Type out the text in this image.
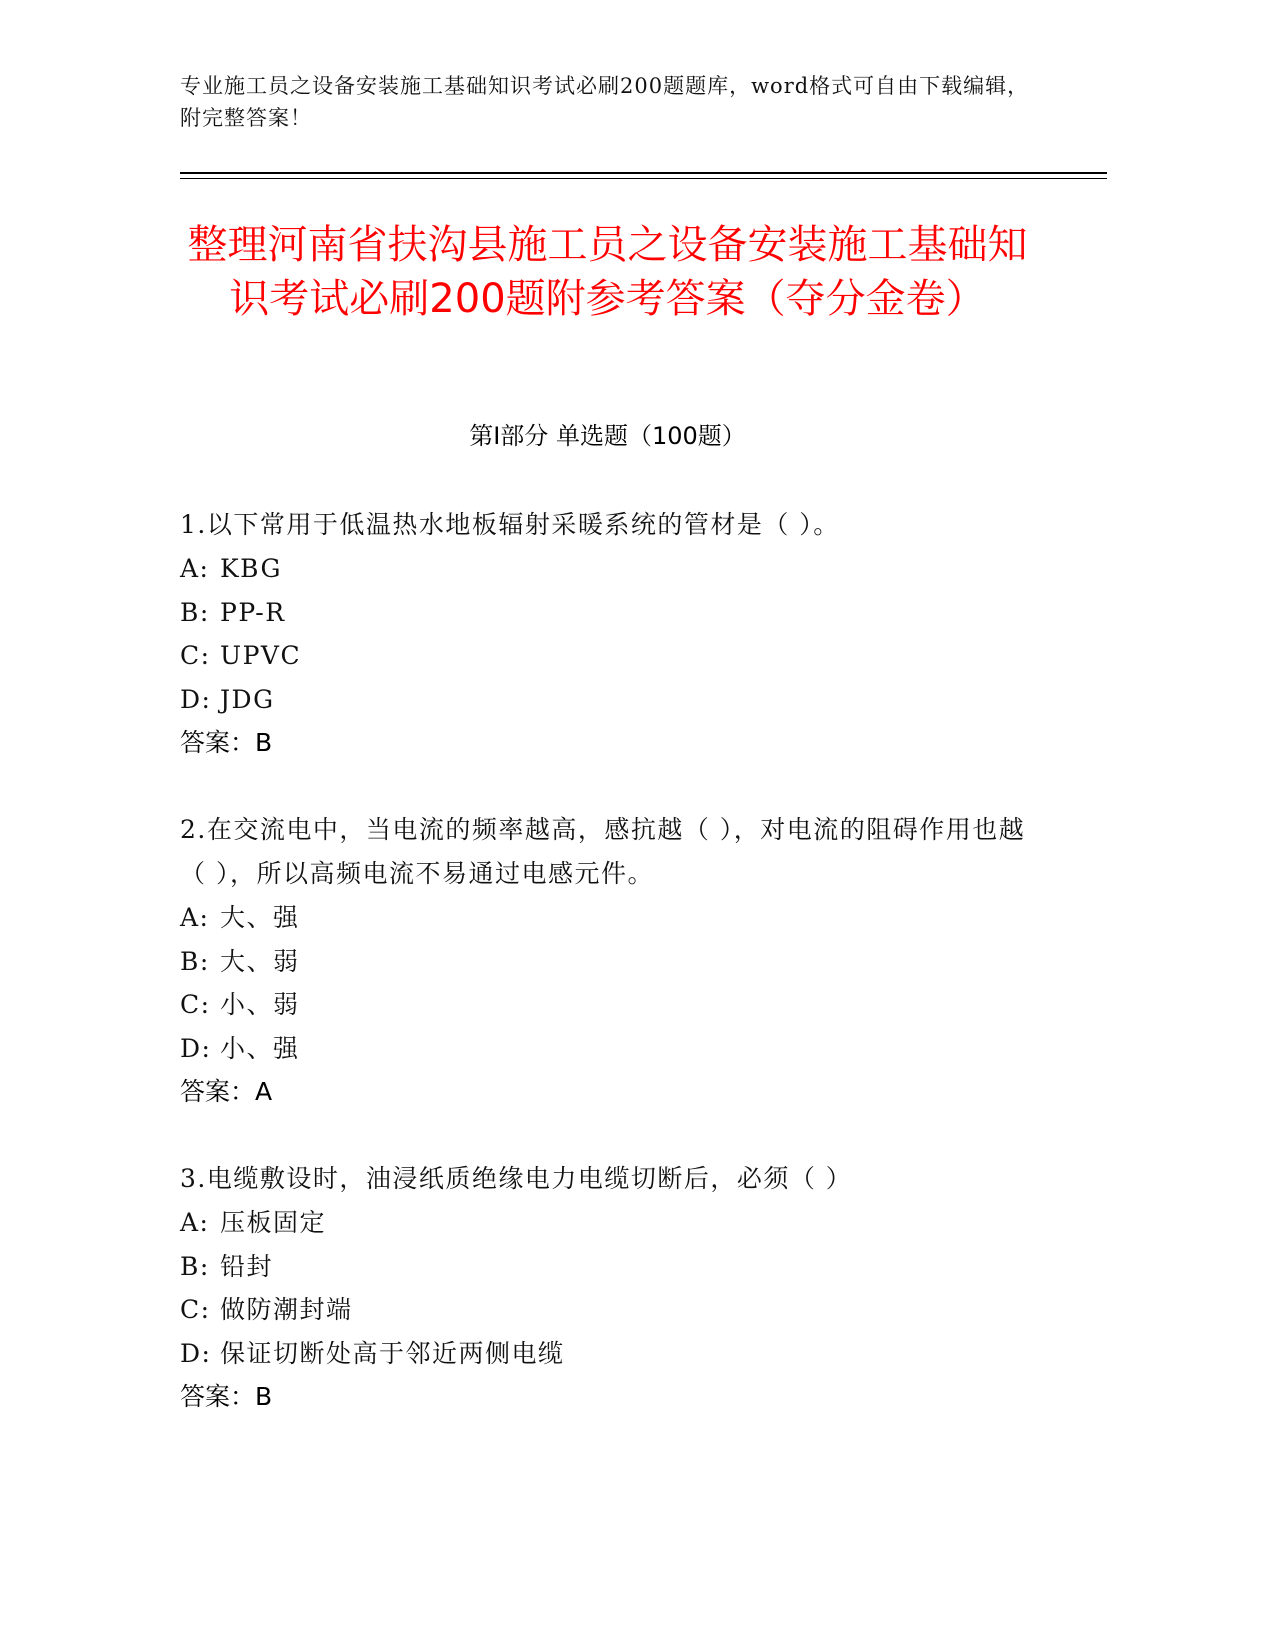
专业施工员之设备安装施工基础知识考试必刷200题题库，word格式可自由下载编辑，附完整答案！
整理河南省扶沟县施工员之设备安装施工基础知识考试必刷200题附参考答案（夺分金卷）
第I部分 单选题（100题）
1.以下常用于低温热水地板辐射采暖系统的管材是（ ）。
A: KBG
B: PP-R
C: UPVC
D: JDG
答案：B
2.在交流电中，当电流的频率越高，感抗越（ ），对电流的阻碍作用也越（ ），所以高频电流不易通过电感元件。
A: 大、强
B: 大、弱
C: 小、弱
D: 小、强
答案：A
3.电缆敷设时，油浸纸质绝缘电力电缆切断后，必须（ ）
A: 压板固定
B: 铅封
C: 做防潮封端
D: 保证切断处高于邻近两侧电缆
答案：B
